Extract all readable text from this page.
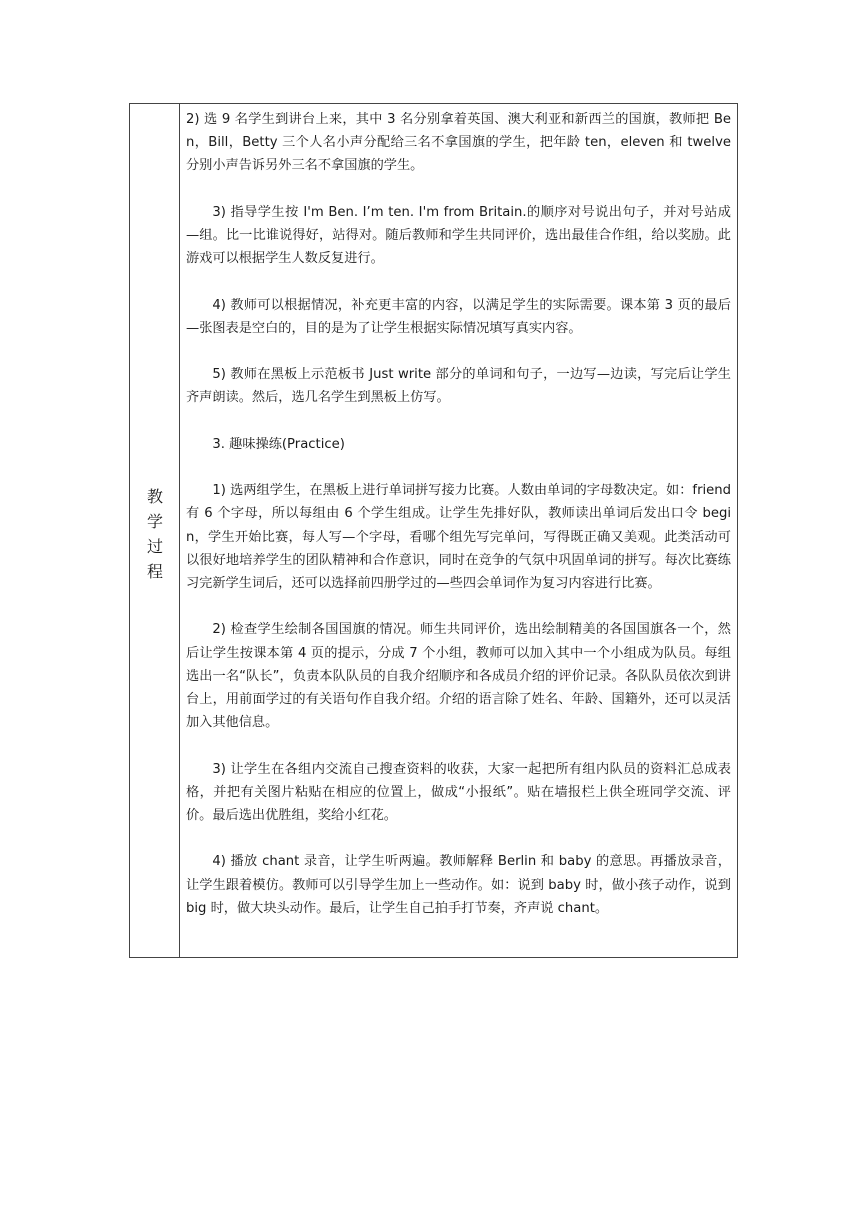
教
学
过
程

2) 选 9 名学生到讲台上来，其中 3 名分别拿着英国、澳大利亚和新西兰的国旗，教师把 Ben，Bill，Betty 三个人名小声分配给三名不拿国旗的学生，把年龄 ten，eleven 和 twelve 分别小声告诉另外三名不拿国旗的学生。

3) 指导学生按 I'm Ben. I’m ten. I'm from Britain.的顺序对号说出句子，并对号站成—组。比一比谁说得好，站得对。随后教师和学生共同评价，选出最佳合作组，给以奖励。此游戏可以根据学生人数反复进行。

4) 教师可以根据情况，补充更丰富的内容，以满足学生的实际需要。课本第 3 页的最后—张图表是空白的，目的是为了让学生根据实际情况填写真实内容。

5) 教师在黑板上示范板书 Just write 部分的单词和句子，一边写—边读，写完后让学生齐声朗读。然后，选几名学生到黑板上仿写。

3. 趣味操练(Practice)

1) 选两组学生，在黑板上进行单词拼写接力比赛。人数由单词的字母数决定。如：friend 有 6 个字母，所以每组由 6 个学生组成。让学生先排好队，教师读出单词后发出口令 begin，学生开始比赛，每人写—个字母，看哪个组先写完单问，写得既正确又美观。此类活动可以很好地培养学生的团队精神和合作意识，同时在竞争的气氛中巩固单词的拼写。每次比赛练习完新学生词后，还可以选择前四册学过的—些四会单词作为复习内容进行比赛。

2) 检查学生绘制各国国旗的情况。师生共同评价，选出绘制精美的各国国旗各一个，然后让学生按课本第 4 页的提示，分成 7 个小组，教师可以加入其中一个小组成为队员。每组选出一名“队长”，负责本队队员的自我介绍顺序和各成员介绍的评价记录。各队队员依次到讲台上，用前面学过的有关语句作自我介绍。介绍的语言除了姓名、年龄、国籍外，还可以灵活加入其他信息。

3) 让学生在各组内交流自己搜查资料的收获，大家一起把所有组内队员的资料汇总成表格，并把有关图片粘贴在相应的位置上，做成“小报纸”。贴在墙报栏上供全班同学交流、评价。最后选出优胜组，奖给小红花。

4) 播放 chant 录音，让学生听两遍。教师解释 Berlin 和 baby 的意思。再播放录音，让学生跟着模仿。教师可以引导学生加上一些动作。如：说到 baby 时，做小孩子动作，说到 big 时，做大块头动作。最后，让学生自己拍手打节奏，齐声说 chant。
